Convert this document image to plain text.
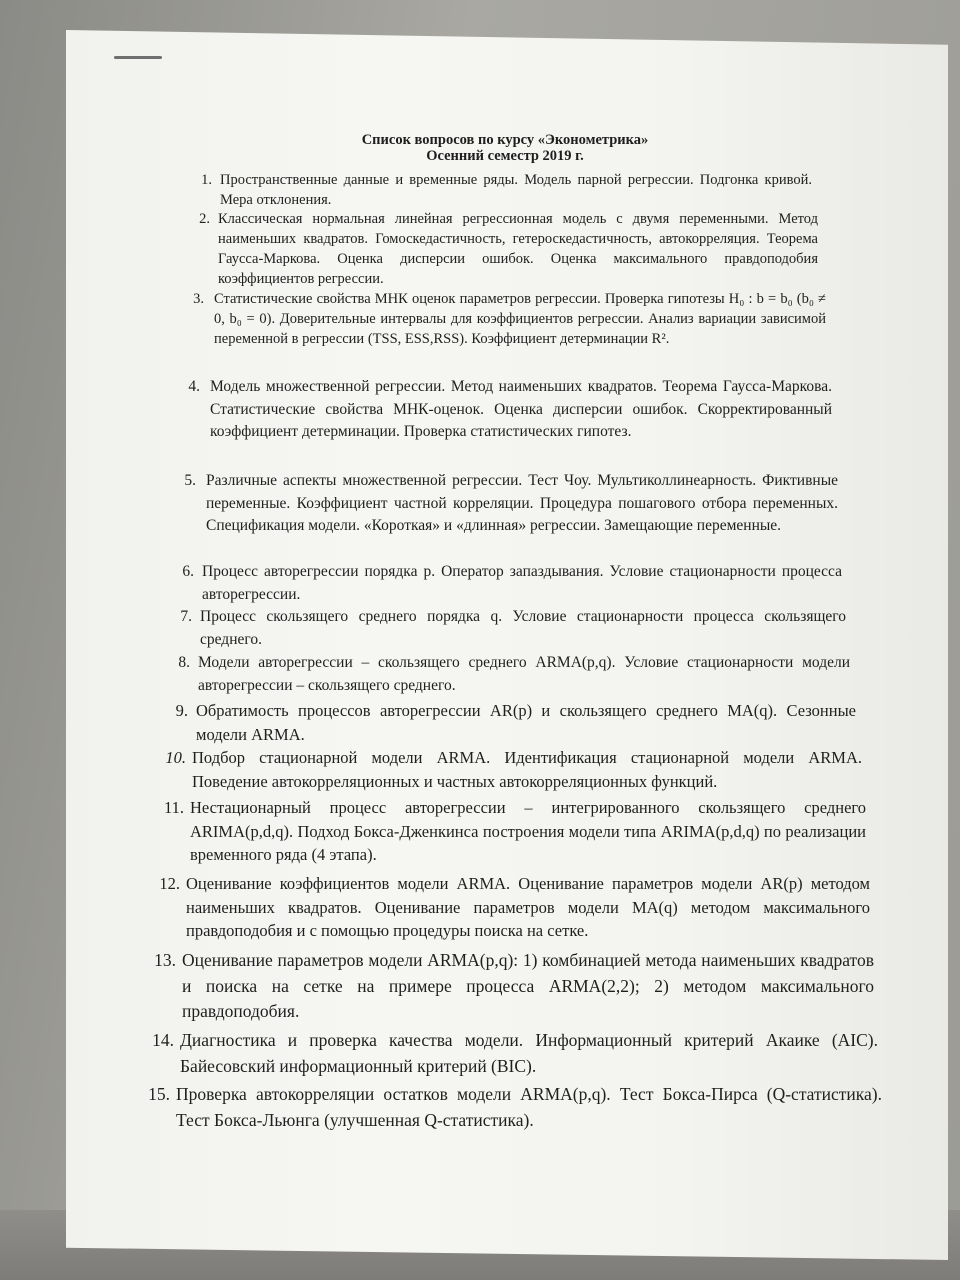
Список вопросов по курсу «Эконометрика»
Осенний семестр 2019 г.
1. Пространственные данные и временные ряды. Модель парной регрессии. Подгонка кривой. Мера отклонения.
2. Классическая нормальная линейная регрессионная модель с двумя переменными. Метод наименьших квадратов. Гомоскедастичность, гетероскедастичность, автокорреляция. Теорема Гаусса-Маркова. Оценка дисперсии ошибок. Оценка максимального правдоподобия коэффициентов регрессии.
3. Статистические свойства МНК оценок параметров регрессии. Проверка гипотезы H₀ : b = b₀ (b₀ ≠ 0, b₀ = 0). Доверительные интервалы для коэффициентов регрессии. Анализ вариации зависимой переменной в регрессии (TSS, ESS,RSS). Коэффициент детерминации R².
4. Модель множественной регрессии. Метод наименьших квадратов. Теорема Гаусса-Маркова. Статистические свойства МНК-оценок. Оценка дисперсии ошибок. Скорректированный коэффициент детерминации. Проверка статистических гипотез.
5. Различные аспекты множественной регрессии. Тест Чоу. Мультиколлинеарность. Фиктивные переменные. Коэффициент частной корреляции. Процедура пошагового отбора переменных. Спецификация модели. «Короткая» и «длинная» регрессии. Замещающие переменные.
6. Процесс авторегрессии порядка p. Оператор запаздывания. Условие стационарности процесса авторегрессии.
7. Процесс скользящего среднего порядка q. Условие стационарности процесса скользящего среднего.
8. Модели авторегрессии – скользящего среднего ARMA(p,q). Условие стационарности модели авторегрессии – скользящего среднего.
9. Обратимость процессов авторегрессии AR(p) и скользящего среднего MA(q). Сезонные модели ARMA.
10. Подбор стационарной модели ARMA. Идентификация стационарной модели ARMA. Поведение автокорреляционных и частных автокорреляционных функций.
11. Нестационарный процесс авторегрессии – интегрированного скользящего среднего ARIMA(p,d,q). Подход Бокса-Дженкинса построения модели типа ARIMA(p,d,q) по реализации временного ряда (4 этапа).
12. Оценивание коэффициентов модели ARMA. Оценивание параметров модели AR(p) методом наименьших квадратов. Оценивание параметров модели MA(q) методом максимального правдоподобия и с помощью процедуры поиска на сетке.
13. Оценивание параметров модели ARMA(p,q): 1) комбинацией метода наименьших квадратов и поиска на сетке на примере процесса ARMA(2,2); 2) методом максимального правдоподобия.
14. Диагностика и проверка качества модели. Информационный критерий Акаике (AIC). Байесовский информационный критерий (BIC).
15. Проверка автокорреляции остатков модели ARMA(p,q). Тест Бокса-Пирса (Q-статистика). Тест Бокса-Льюнга (улучшенная Q-статистика).
